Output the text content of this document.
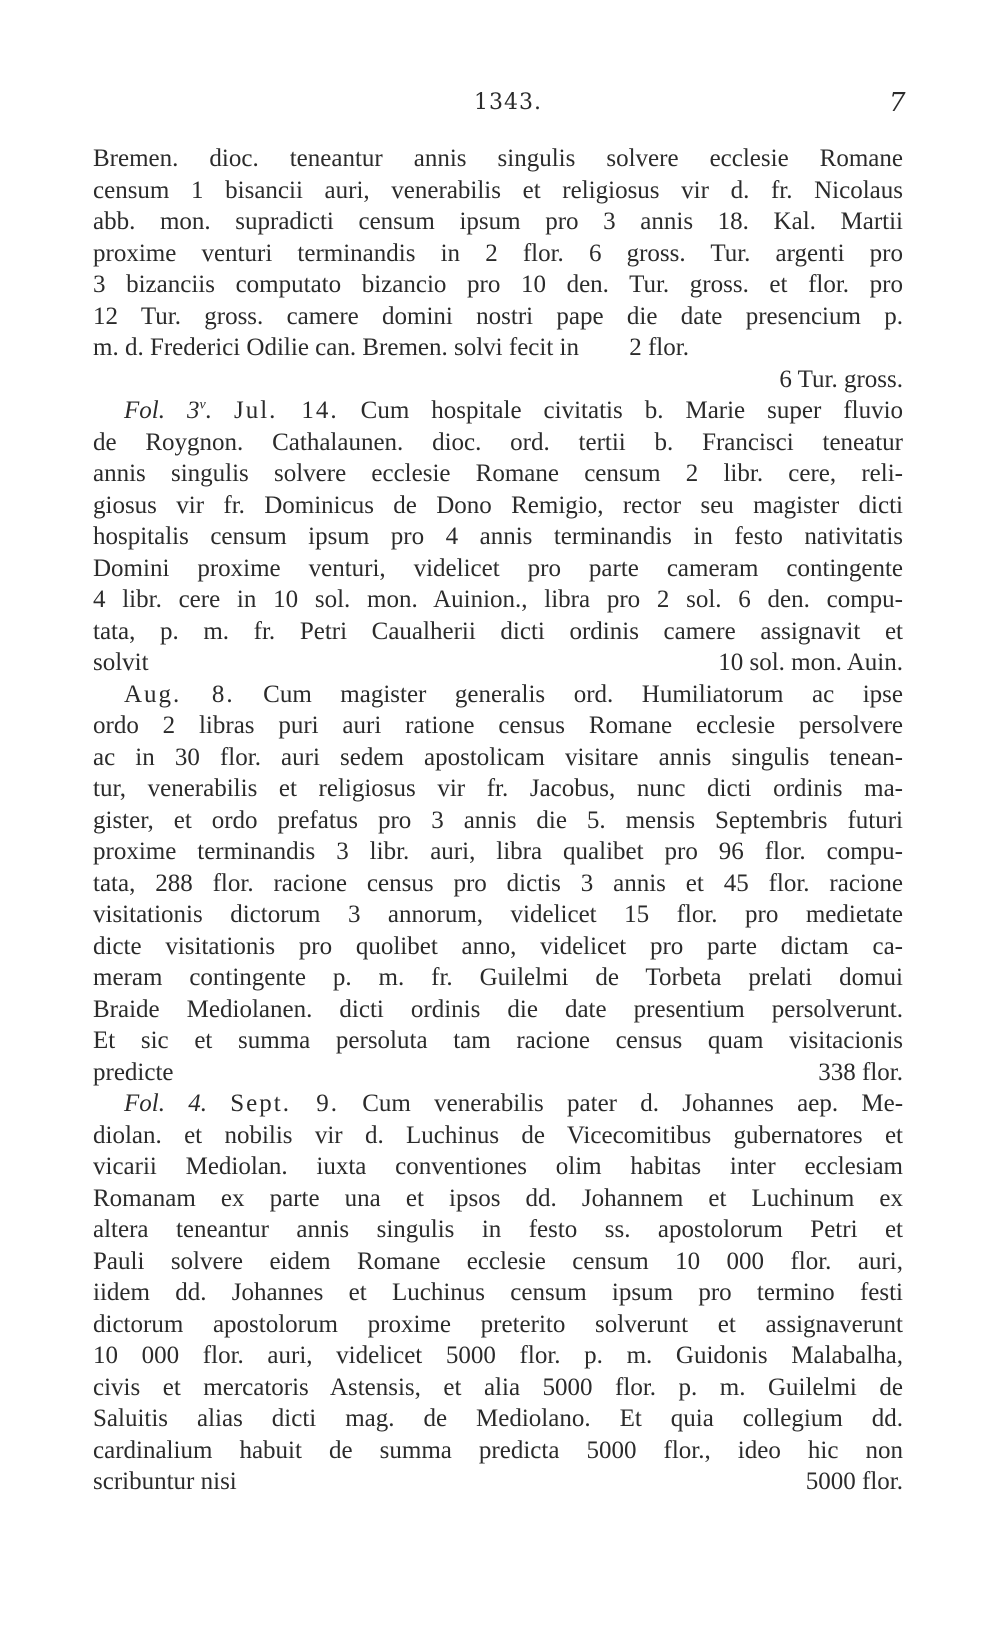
1343.	7
Bremen. dioc. teneantur annis singulis solvere ecclesie Romane
censum 1 bisancii auri, venerabilis et religiosus vir d. fr. Nicolaus
abb. mon. supradicti censum ipsum pro 3 annis 18. Kal. Martii
proxime venturi terminandis in 2 flor. 6 gross. Tur. argenti pro
3 bizanciis computato bizancio pro 10 den. Tur. gross. et flor. pro
12 Tur. gross. camere domini nostri pape die date presencium p.
m. d. Frederici Odilie can. Bremen. solvi fecit in 2 flor.
6 Tur. gross.
Fol. 3$^v$. Jul. 14. Cum hospitale civitatis b. Marie super fluvio
de Roygnon. Cathalaunen. dioc. ord. tertii b. Francisci teneatur
annis singulis solvere ecclesie Romane censum 2 libr. cere, reli-
giosus vir fr. Dominicus de Dono Remigio, rector seu magister dicti
hospitalis censum ipsum pro 4 annis terminandis in festo nativitatis
Domini proxime venturi, videlicet pro parte cameram contingente
4 libr. cere in 10 sol. mon. Auinion., libra pro 2 sol. 6 den. compu-
tata, p. m. fr. Petri Caualherii dicti ordinis camere assignavit et
solvit	10 sol. mon. Auin.
Aug. 8. Cum magister generalis ord. Humiliatorum ac ipse
ordo 2 libras puri auri ratione census Romane ecclesie persolvere
ac in 30 flor. auri sedem apostolicam visitare annis singulis tenean-
tur, venerabilis et religiosus vir fr. Jacobus, nunc dicti ordinis ma-
gister, et ordo prefatus pro 3 annis die 5. mensis Septembris futuri
proxime terminandis 3 libr. auri, libra qualibet pro 96 flor. compu-
tata, 288 flor. racione census pro dictis 3 annis et 45 flor. racione
visitationis dictorum 3 annorum, videlicet 15 flor. pro medietate
dicte visitationis pro quolibet anno, videlicet pro parte dictam ca-
meram contingente p. m. fr. Guilelmi de Torbeta prelati domui
Braide Mediolanen. dicti ordinis die date presentium persolverunt.
Et sic et summa persoluta tam racione census quam visitacionis
predicte	338 flor.
Fol. 4. Sept. 9. Cum venerabilis pater d. Johannes aep. Me-
diolan. et nobilis vir d. Luchinus de Vicecomitibus gubernatores et
vicarii Mediolan. iuxta conventiones olim habitas inter ecclesiam
Romanam ex parte una et ipsos dd. Johannem et Luchinum ex
altera teneantur annis singulis in festo ss. apostolorum Petri et
Pauli solvere eidem Romane ecclesie censum 10 000 flor. auri,
iidem dd. Johannes et Luchinus censum ipsum pro termino festi
dictorum apostolorum proxime preterito solverunt et assignaverunt
10 000 flor. auri, videlicet 5000 flor. p. m. Guidonis Malabalha,
civis et mercatoris Astensis, et alia 5000 flor. p. m. Guilelmi de
Saluitis alias dicti mag. de Mediolano. Et quia collegium dd.
cardinalium habuit de summa predicta 5000 flor., ideo hic non
scribuntur nisi	5000 flor.
